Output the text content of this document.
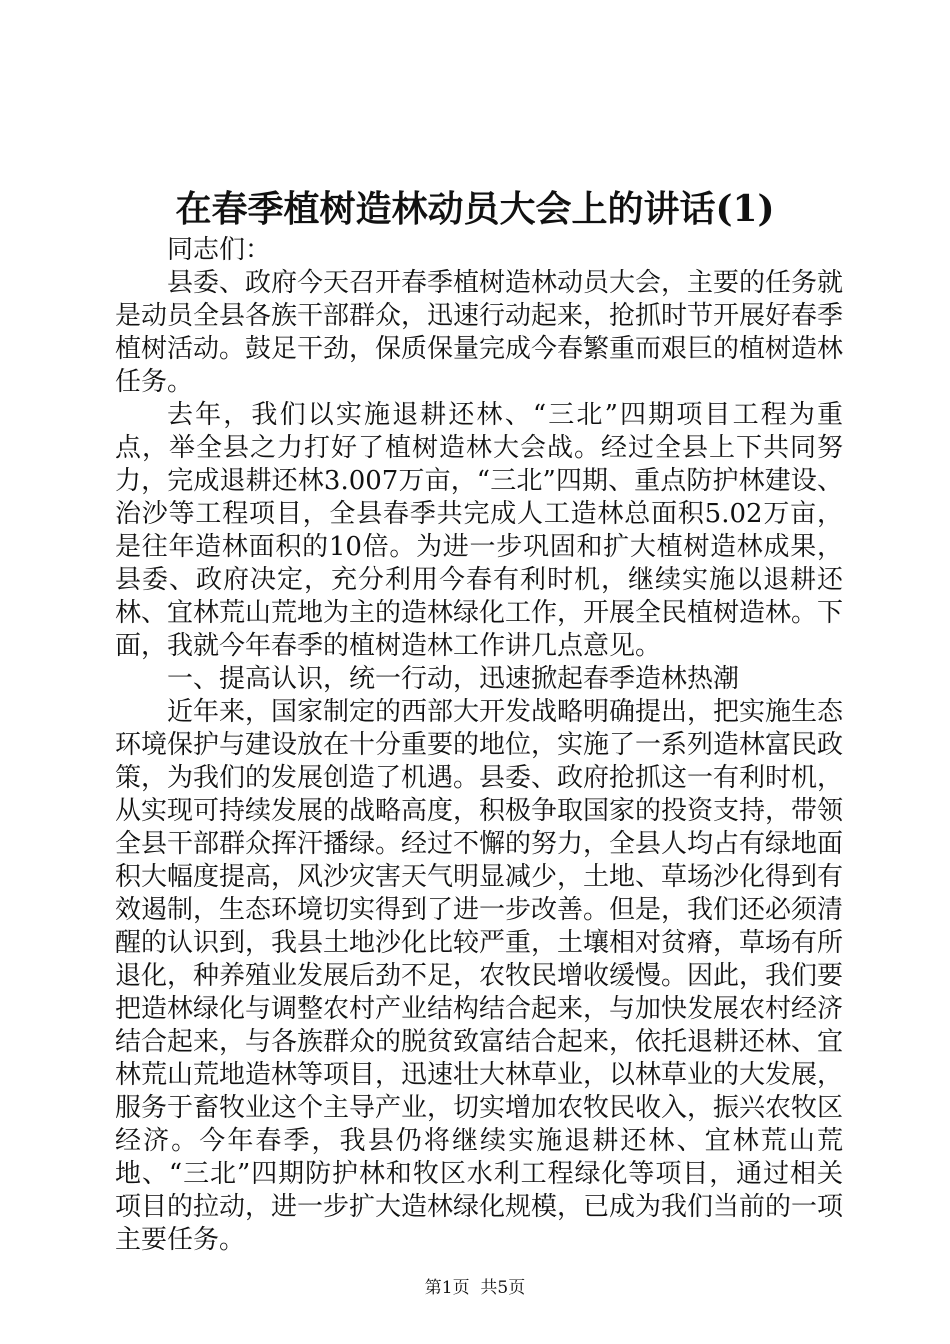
在春季植树造林动员大会上的讲话(1)

同志们：

县委、政府今天召开春季植树造林动员大会，主要的任务就是动员全县各族干部群众，迅速行动起来，抢抓时节开展好春季植树活动。鼓足干劲，保质保量完成今春繁重而艰巨的植树造林任务。

去年，我们以实施退耕还林、“三北”四期项目工程为重点，举全县之力打好了植树造林大会战。经过全县上下共同努力，完成退耕还林3.007万亩，“三北”四期、重点防护林建设、治沙等工程项目，全县春季共完成人工造林总面积5.02万亩，是往年造林面积的10倍。为进一步巩固和扩大植树造林成果，县委、政府决定，充分利用今春有利时机，继续实施以退耕还林、宜林荒山荒地为主的造林绿化工作，开展全民植树造林。下面，我就今年春季的植树造林工作讲几点意见。

一、提高认识，统一行动，迅速掀起春季造林热潮

近年来，国家制定的西部大开发战略明确提出，把实施生态环境保护与建设放在十分重要的地位，实施了一系列造林富民政策，为我们的发展创造了机遇。县委、政府抢抓这一有利时机，从实现可持续发展的战略高度，积极争取国家的投资支持，带领全县干部群众挥汗播绿。经过不懈的努力，全县人均占有绿地面积大幅度提高，风沙灾害天气明显减少，土地、草场沙化得到有效遏制，生态环境切实得到了进一步改善。但是，我们还必须清醒的认识到，我县土地沙化比较严重，土壤相对贫瘠，草场有所退化，种养殖业发展后劲不足，农牧民增收缓慢。因此，我们要把造林绿化与调整农村产业结构结合起来，与加快发展农村经济结合起来，与各族群众的脱贫致富结合起来，依托退耕还林、宜林荒山荒地造林等项目，迅速壮大林草业，以林草业的大发展，服务于畜牧业这个主导产业，切实增加农牧民收入，振兴农牧区经济。今年春季，我县仍将继续实施退耕还林、宜林荒山荒地、“三北”四期防护林和牧区水利工程绿化等项目，通过相关项目的拉动，进一步扩大造林绿化规模，已成为我们当前的一项主要任务。

第1页 共5页
